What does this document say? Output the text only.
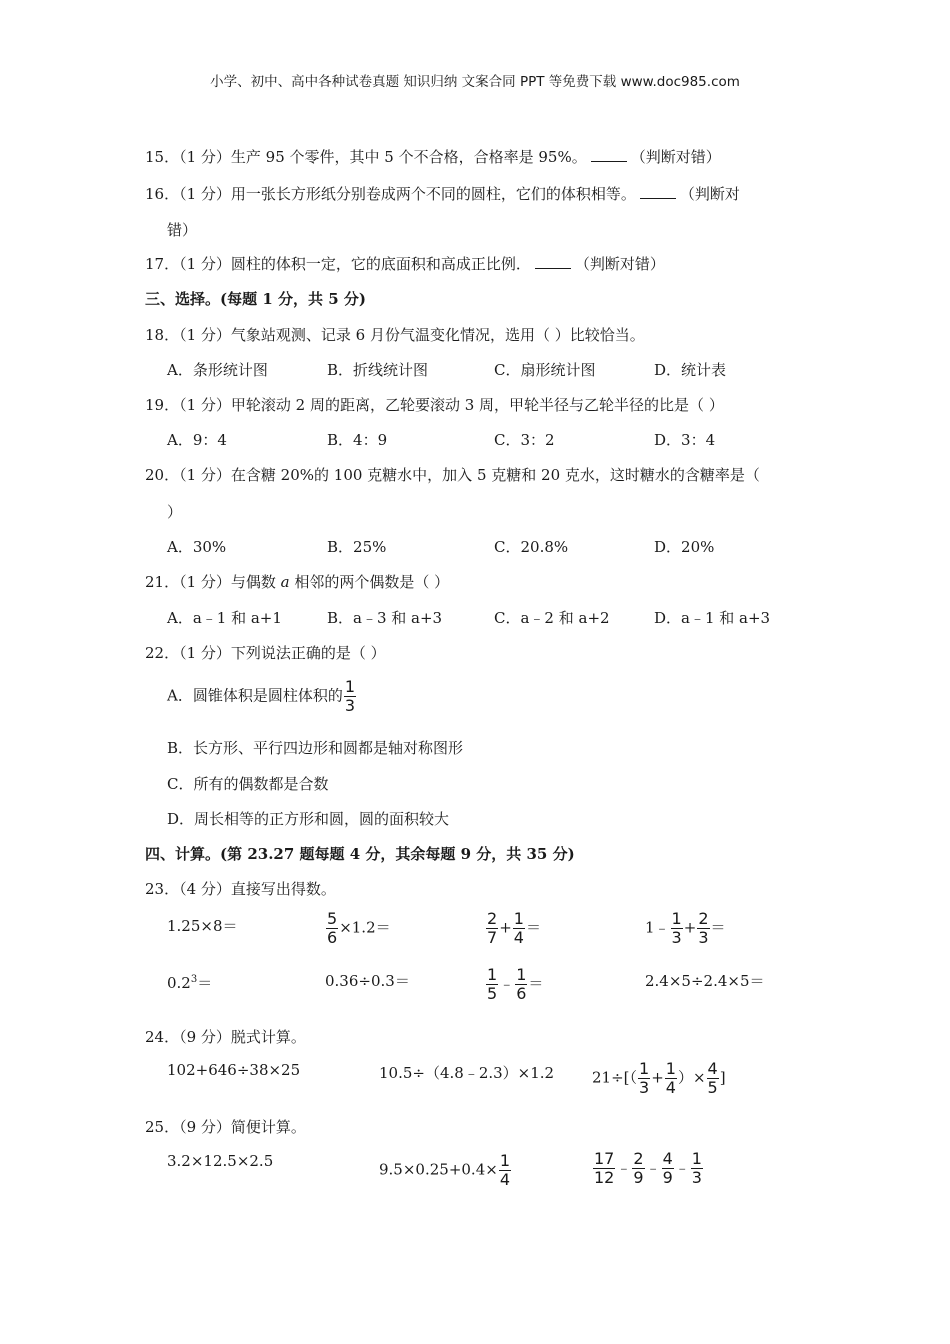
小学、初中、高中各种试卷真题 知识归纳 文案合同 PPT 等免费下载 www.doc985.com
15．（1 分）生产 95 个零件，其中 5 个不合格，合格率是 95%。	（判断对错）
16．（1 分）用一张长方形纸分别卷成两个不同的圆柱，它们的体积相等。	（判断对
错）
17．（1 分）圆柱的体积一定，它的底面积和高成正比例．	（判断对错）
三、选择。(每题 1 分，共 5 分)
18．（1 分）气象站观测、记录 6 月份气温变化情况，选用（ ）比较恰当。
A．条形统计图	B．折线统计图	C．扇形统计图	D．统计表
19．（1 分）甲轮滚动 2 周的距离，乙轮要滚动 3 周，甲轮半径与乙轮半径的比是（ ）
A．9：4	B．4：9	C．3：2	D．3：4
20．（1 分）在含糖 20%的 100 克糖水中，加入 5 克糖和 20 克水，这时糖水的含糖率是（
）
A．30%	B．25%	C．20.8%	D．20%
21．（1 分）与偶数 a 相邻的两个偶数是（ ）
A．a﹣1 和 a+1	B．a﹣3 和 a+3	C．a﹣2 和 a+2	D．a﹣1 和 a+3
22．（1 分）下列说法正确的是（ ）
A．圆锥体积是圆柱体积的 $\frac{1}{3}$
B．长方形、平行四边形和圆都是轴对称图形
C．所有的偶数都是合数
D．周长相等的正方形和圆，圆的面积较大
四、计算。(第 23.27 题每题 4 分，其余每题 9 分，共 35 分)
23．（4 分）直接写出得数。
1.25×8＝	$\frac{5}{6} \times 1.2=$	$\frac{2}{7} + \frac{1}{4}$ ＝	1﹣ $\frac{1}{3} + \frac{2}{3}$ ＝
$0.2^3=$	0.36÷0.3＝	$\frac{1}{5}$ ﹣ $\frac{1}{6}$ ＝	2.4×5÷2.4×5＝
24．（9 分）脱式计算。
102+646÷38×25	10.5÷（4.8﹣2.3）×1.2	$21\div[( \frac{1}{3} + \frac{1}{4}$ ）× $\frac{4}{5}$ ]
25．（9 分）简便计算。
3.2×12.5×2.5	$9.5\times 0.25+0.4\times \frac{1}{4}$	$\frac{17}{12}$ ﹣ $\frac{2}{9}$ ﹣ $\frac{4}{9}$ ﹣ $\frac{1}{3}$
